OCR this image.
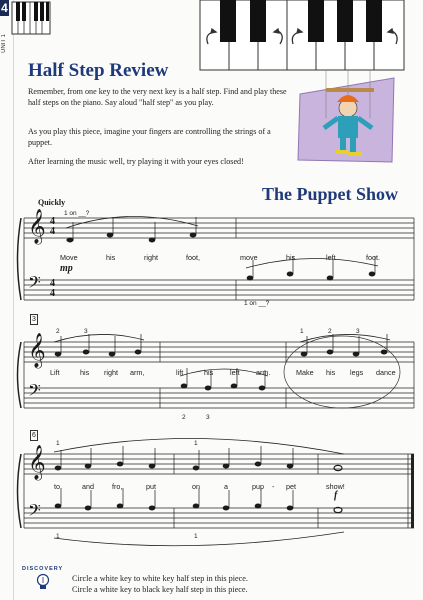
4
UNIT 1
Half Step Review
Remember, from one key to the very next key is a half step. Find and play these half steps on the piano. Say aloud "half step" as you play.
As you play this piece, imagine your fingers are controlling the strings of a puppet.
After learning the music well, try playing it with your eyes closed!
The Puppet Show
Quickly
𝄞
𝄢
4
4
4
4
1 on __?
1 on __?
mp
Move	his	right	foot,	move	his	left	foot.
𝄞
𝄢
3
2	3	1	2	3
2	3
Lift	his right arm,	lift	his left arm.	Make his legs dance
𝄞
𝄢
6
1	1
1	1
to	and	fro,	put	on	a	pup - pet	show!
f
DISCOVERY
Circle a white key to white key half step in this piece.
Circle a white key to black key half step in this piece.
